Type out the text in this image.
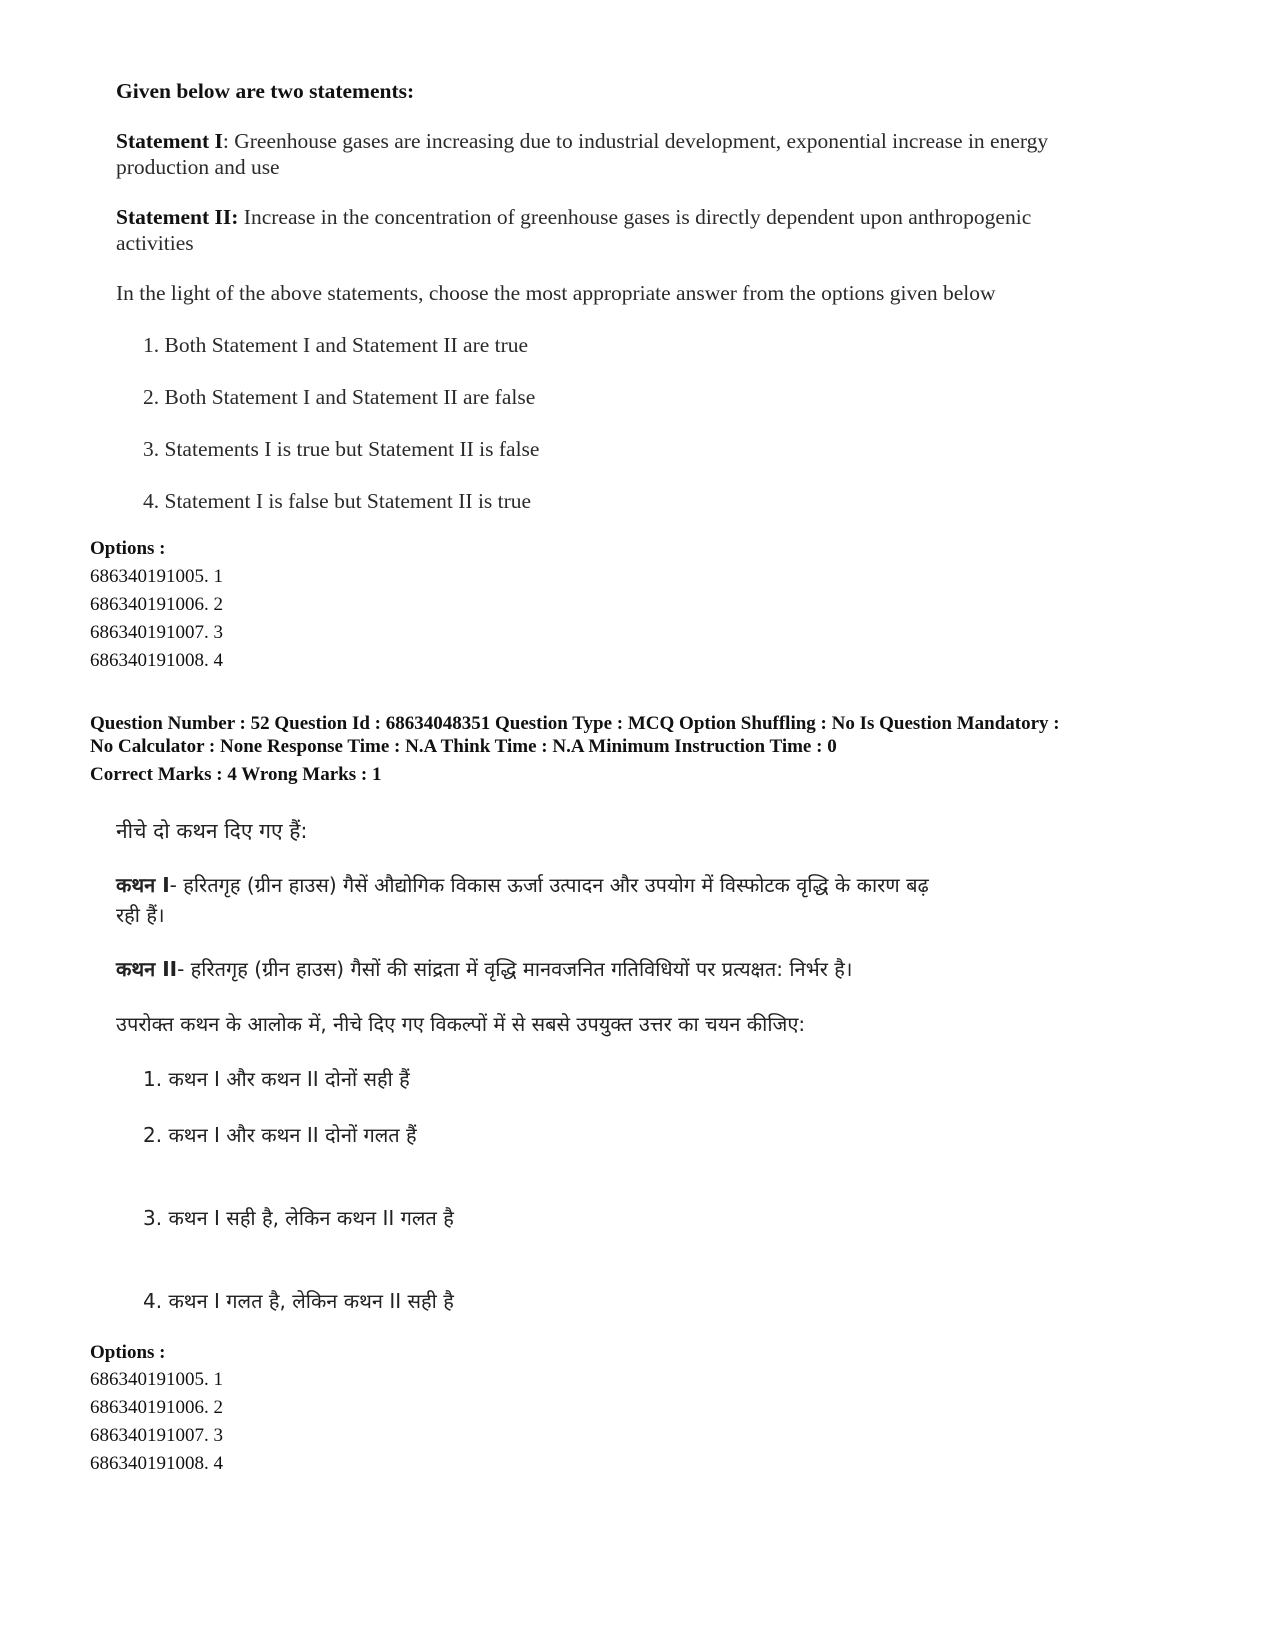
Given below are two statements:
Statement I: Greenhouse gases are increasing due to industrial development, exponential increase in energy
production and use
Statement II: Increase in the concentration of greenhouse gases is directly dependent upon anthropogenic
activities
In the light of the above statements, choose the most appropriate answer from the options given below
1. Both Statement I and Statement II are true
2. Both Statement I and Statement II are false
3. Statements I is true but Statement II is false
4. Statement I is false but Statement II is true
Options :
686340191005. 1
686340191006. 2
686340191007. 3
686340191008. 4
Question Number : 52 Question Id : 68634048351 Question Type : MCQ Option Shuffling : No Is Question Mandatory :
No Calculator : None Response Time : N.A Think Time : N.A Minimum Instruction Time : 0
Correct Marks : 4 Wrong Marks : 1
नीचे दो कथन दिए गए हैं:
कथन I- हरितगृह (ग्रीन हाउस) गैसें औद्योगिक विकास ऊर्जा उत्पादन और उपयोग में विस्फोटक वृद्धि के कारण बढ़
रही हैं।
कथन II- हरितगृह (ग्रीन हाउस) गैसों की सांद्रता में वृद्धि मानवजनित गतिविधियों पर प्रत्यक्षत: निर्भर है।
उपरोक्त कथन के आलोक में, नीचे दिए गए विकल्पों में से सबसे उपयुक्त उत्तर का चयन कीजिए:
1. कथन I और कथन II दोनों सही हैं
2. कथन I और कथन II दोनों गलत हैं
3. कथन I सही है, लेकिन कथन II गलत है
4. कथन I गलत है, लेकिन कथन II सही है
Options :
686340191005. 1
686340191006. 2
686340191007. 3
686340191008. 4
